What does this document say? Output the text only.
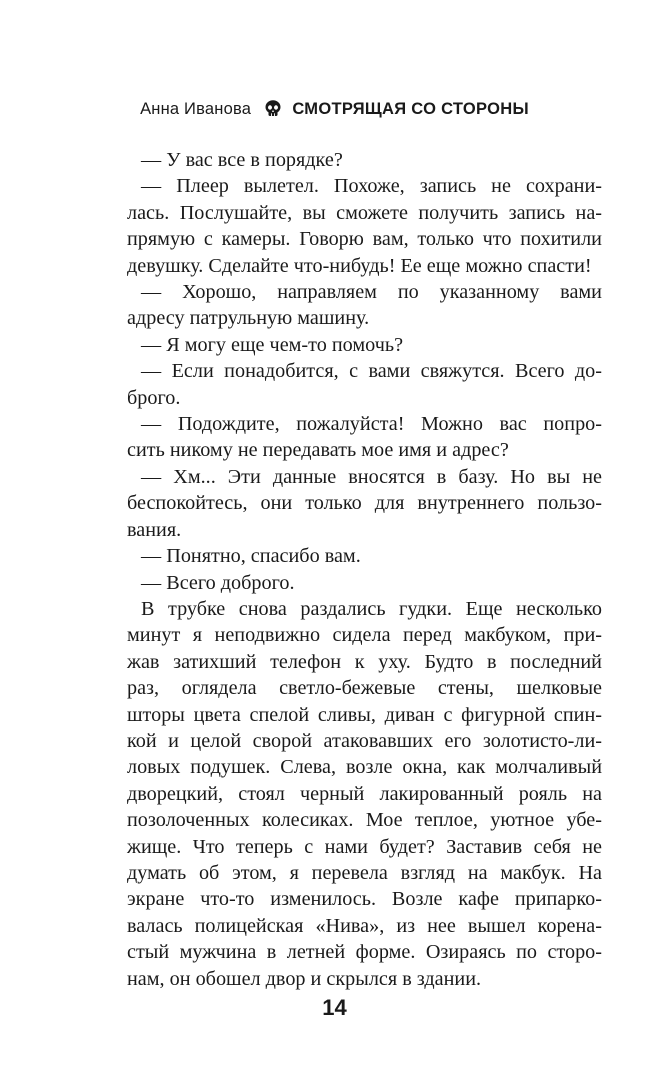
Анна Иванова СМОТРЯЩАЯ СО СТОРОНЫ
— У вас все в порядке?
— Плеер вылетел. Похоже, запись не сохрани-
лась. Послушайте, вы сможете получить запись на-
прямую с камеры. Говорю вам, только что похитили
девушку. Сделайте что-нибудь! Ее еще можно спасти!
— Хорошо, направляем по указанному вами
адресу патрульную машину.
— Я могу еще чем-то помочь?
— Если понадобится, с вами свяжутся. Всего до-
брого.
— Подождите, пожалуйста! Можно вас попро-
сить никому не передавать мое имя и адрес?
— Хм... Эти данные вносятся в базу. Но вы не
беспокойтесь, они только для внутреннего пользо-
вания.
— Понятно, спасибо вам.
— Всего доброго.
В трубке снова раздались гудки. Еще несколько
минут я неподвижно сидела перед макбуком, при-
жав затихший телефон к уху. Будто в последний
раз, оглядела светло-бежевые стены, шелковые
шторы цвета спелой сливы, диван с фигурной спин-
кой и целой сворой атаковавших его золотисто-ли-
ловых подушек. Слева, возле окна, как молчаливый
дворецкий, стоял черный лакированный рояль на
позолоченных колесиках. Мое теплое, уютное убе-
жище. Что теперь с нами будет? Заставив себя не
думать об этом, я перевела взгляд на макбук. На
экране что-то изменилось. Возле кафе припарко-
валась полицейская «Нива», из нее вышел корена-
стый мужчина в летней форме. Озираясь по сторо-
нам, он обошел двор и скрылся в здании.
14
